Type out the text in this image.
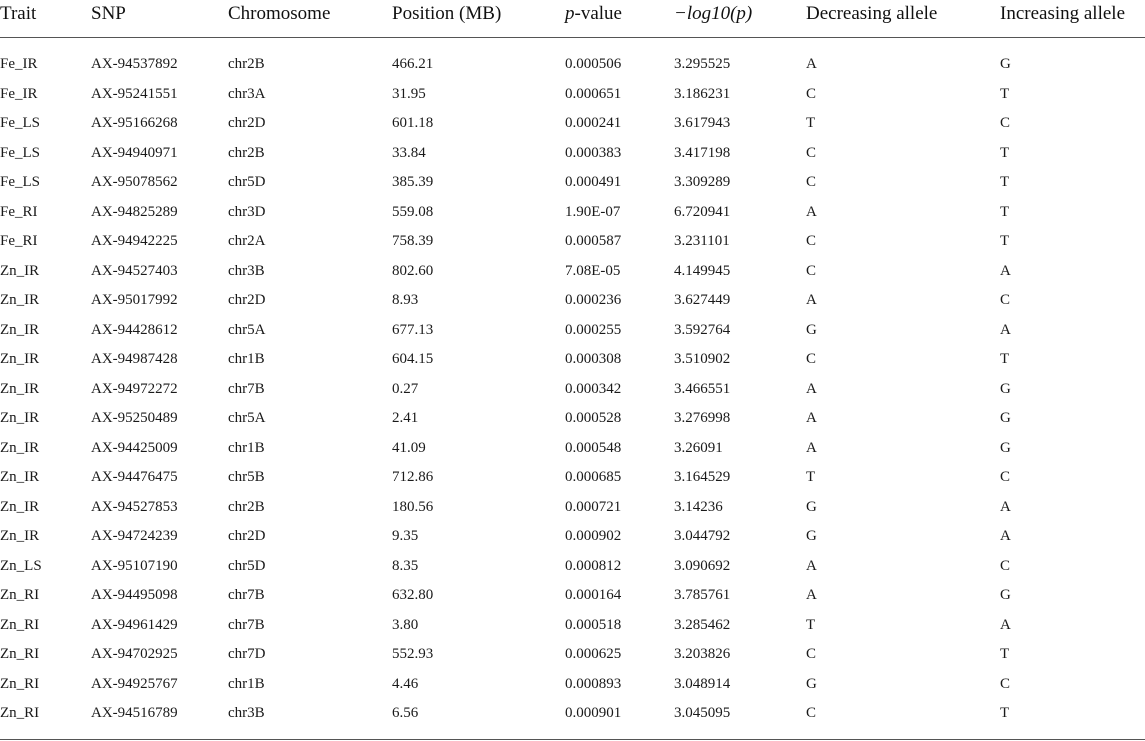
Trait	SNP	Chromosome	Position (MB)	p-value	−log10(p)	Decreasing allele	Increasing allele
Fe_IR	AX-94537892	chr2B	466.21	0.000506	3.295525	A	G
Fe_IR	AX-95241551	chr3A	31.95	0.000651	3.186231	C	T
Fe_LS	AX-95166268	chr2D	601.18	0.000241	3.617943	T	C
Fe_LS	AX-94940971	chr2B	33.84	0.000383	3.417198	C	T
Fe_LS	AX-95078562	chr5D	385.39	0.000491	3.309289	C	T
Fe_RI	AX-94825289	chr3D	559.08	1.90E-07	6.720941	A	T
Fe_RI	AX-94942225	chr2A	758.39	0.000587	3.231101	C	T
Zn_IR	AX-94527403	chr3B	802.60	7.08E-05	4.149945	C	A
Zn_IR	AX-95017992	chr2D	8.93	0.000236	3.627449	A	C
Zn_IR	AX-94428612	chr5A	677.13	0.000255	3.592764	G	A
Zn_IR	AX-94987428	chr1B	604.15	0.000308	3.510902	C	T
Zn_IR	AX-94972272	chr7B	0.27	0.000342	3.466551	A	G
Zn_IR	AX-95250489	chr5A	2.41	0.000528	3.276998	A	G
Zn_IR	AX-94425009	chr1B	41.09	0.000548	3.26091	A	G
Zn_IR	AX-94476475	chr5B	712.86	0.000685	3.164529	T	C
Zn_IR	AX-94527853	chr2B	180.56	0.000721	3.14236	G	A
Zn_IR	AX-94724239	chr2D	9.35	0.000902	3.044792	G	A
Zn_LS	AX-95107190	chr5D	8.35	0.000812	3.090692	A	C
Zn_RI	AX-94495098	chr7B	632.80	0.000164	3.785761	A	G
Zn_RI	AX-94961429	chr7B	3.80	0.000518	3.285462	T	A
Zn_RI	AX-94702925	chr7D	552.93	0.000625	3.203826	C	T
Zn_RI	AX-94925767	chr1B	4.46	0.000893	3.048914	G	C
Zn_RI	AX-94516789	chr3B	6.56	0.000901	3.045095	C	T
